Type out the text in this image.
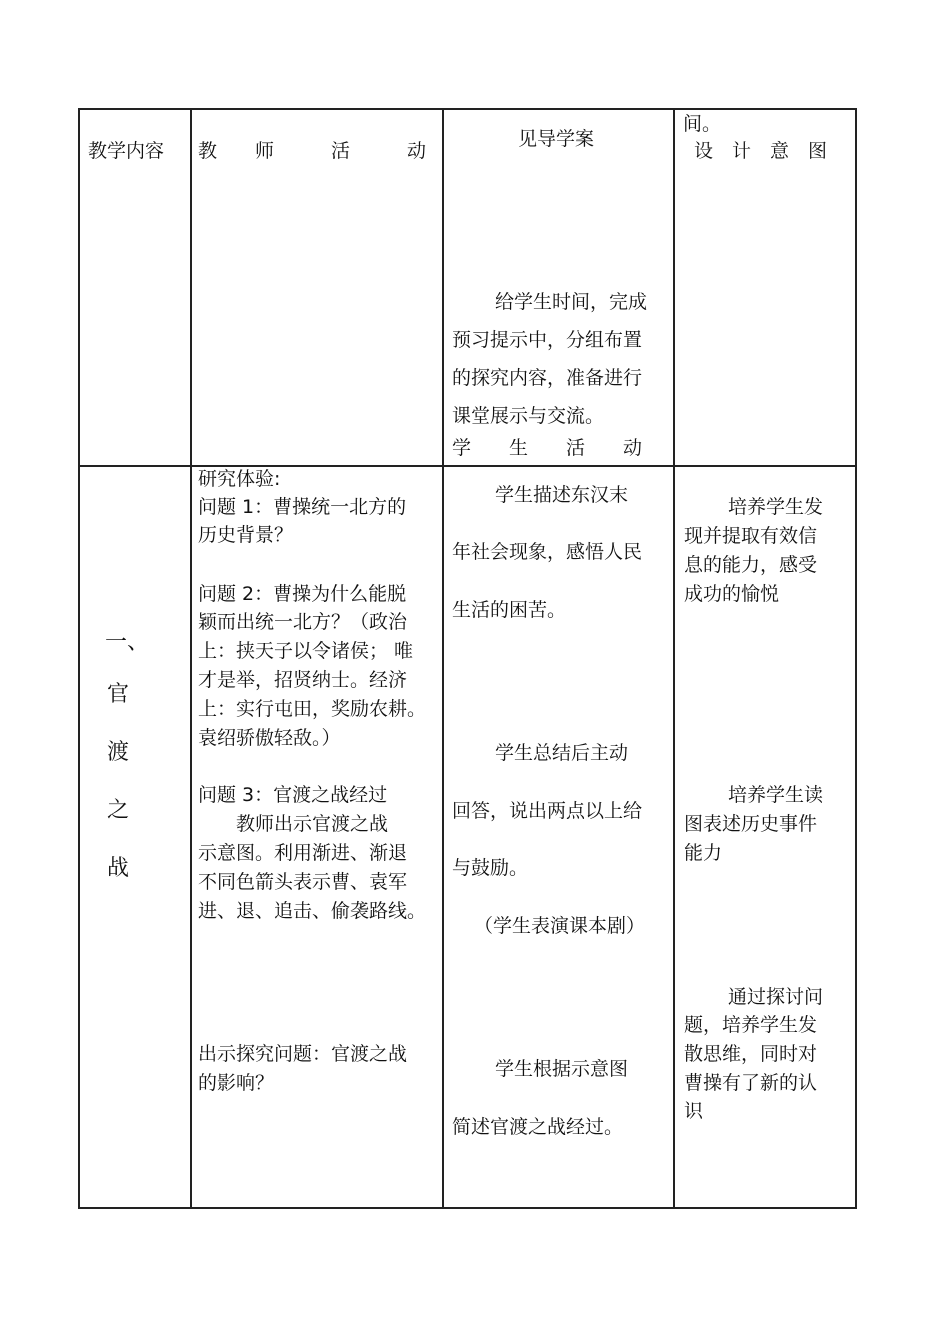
教学内容 教　　师　　　活　　　动
见导学案
间。
设　计　意　图
给学生时间，完成
预习提示中，分组布置
的探究内容，准备进行
课堂展示与交流。
学　　生　　活　　动
一、
官
渡
之
战
研究体验:
问题 1：曹操统一北方的
历史背景？
问题 2：曹操为什么能脱
颖而出统一北方？（政治
上：挟天子以令诸侯； 唯
才是举，招贤纳士。经济
上：实行屯田，奖励农耕。
袁绍骄傲轻敌。）
问题 3：官渡之战经过
　　教师出示官渡之战
示意图。利用渐进、渐退
不同色箭头表示曹、袁军
进、退、追击、偷袭路线。
出示探究问题：官渡之战
的影响？
学生描述东汉末
年社会现象，感悟人民
生活的困苦。
学生总结后主动
回答，说出两点以上给
与鼓励。
（学生表演课本剧）
学生根据示意图
简述官渡之战经过。
培养学生发
现并提取有效信
息的能力，感受
成功的愉悦
培养学生读
图表述历史事件
能力
通过探讨问
题，培养学生发
散思维，同时对
曹操有了新的认
识
